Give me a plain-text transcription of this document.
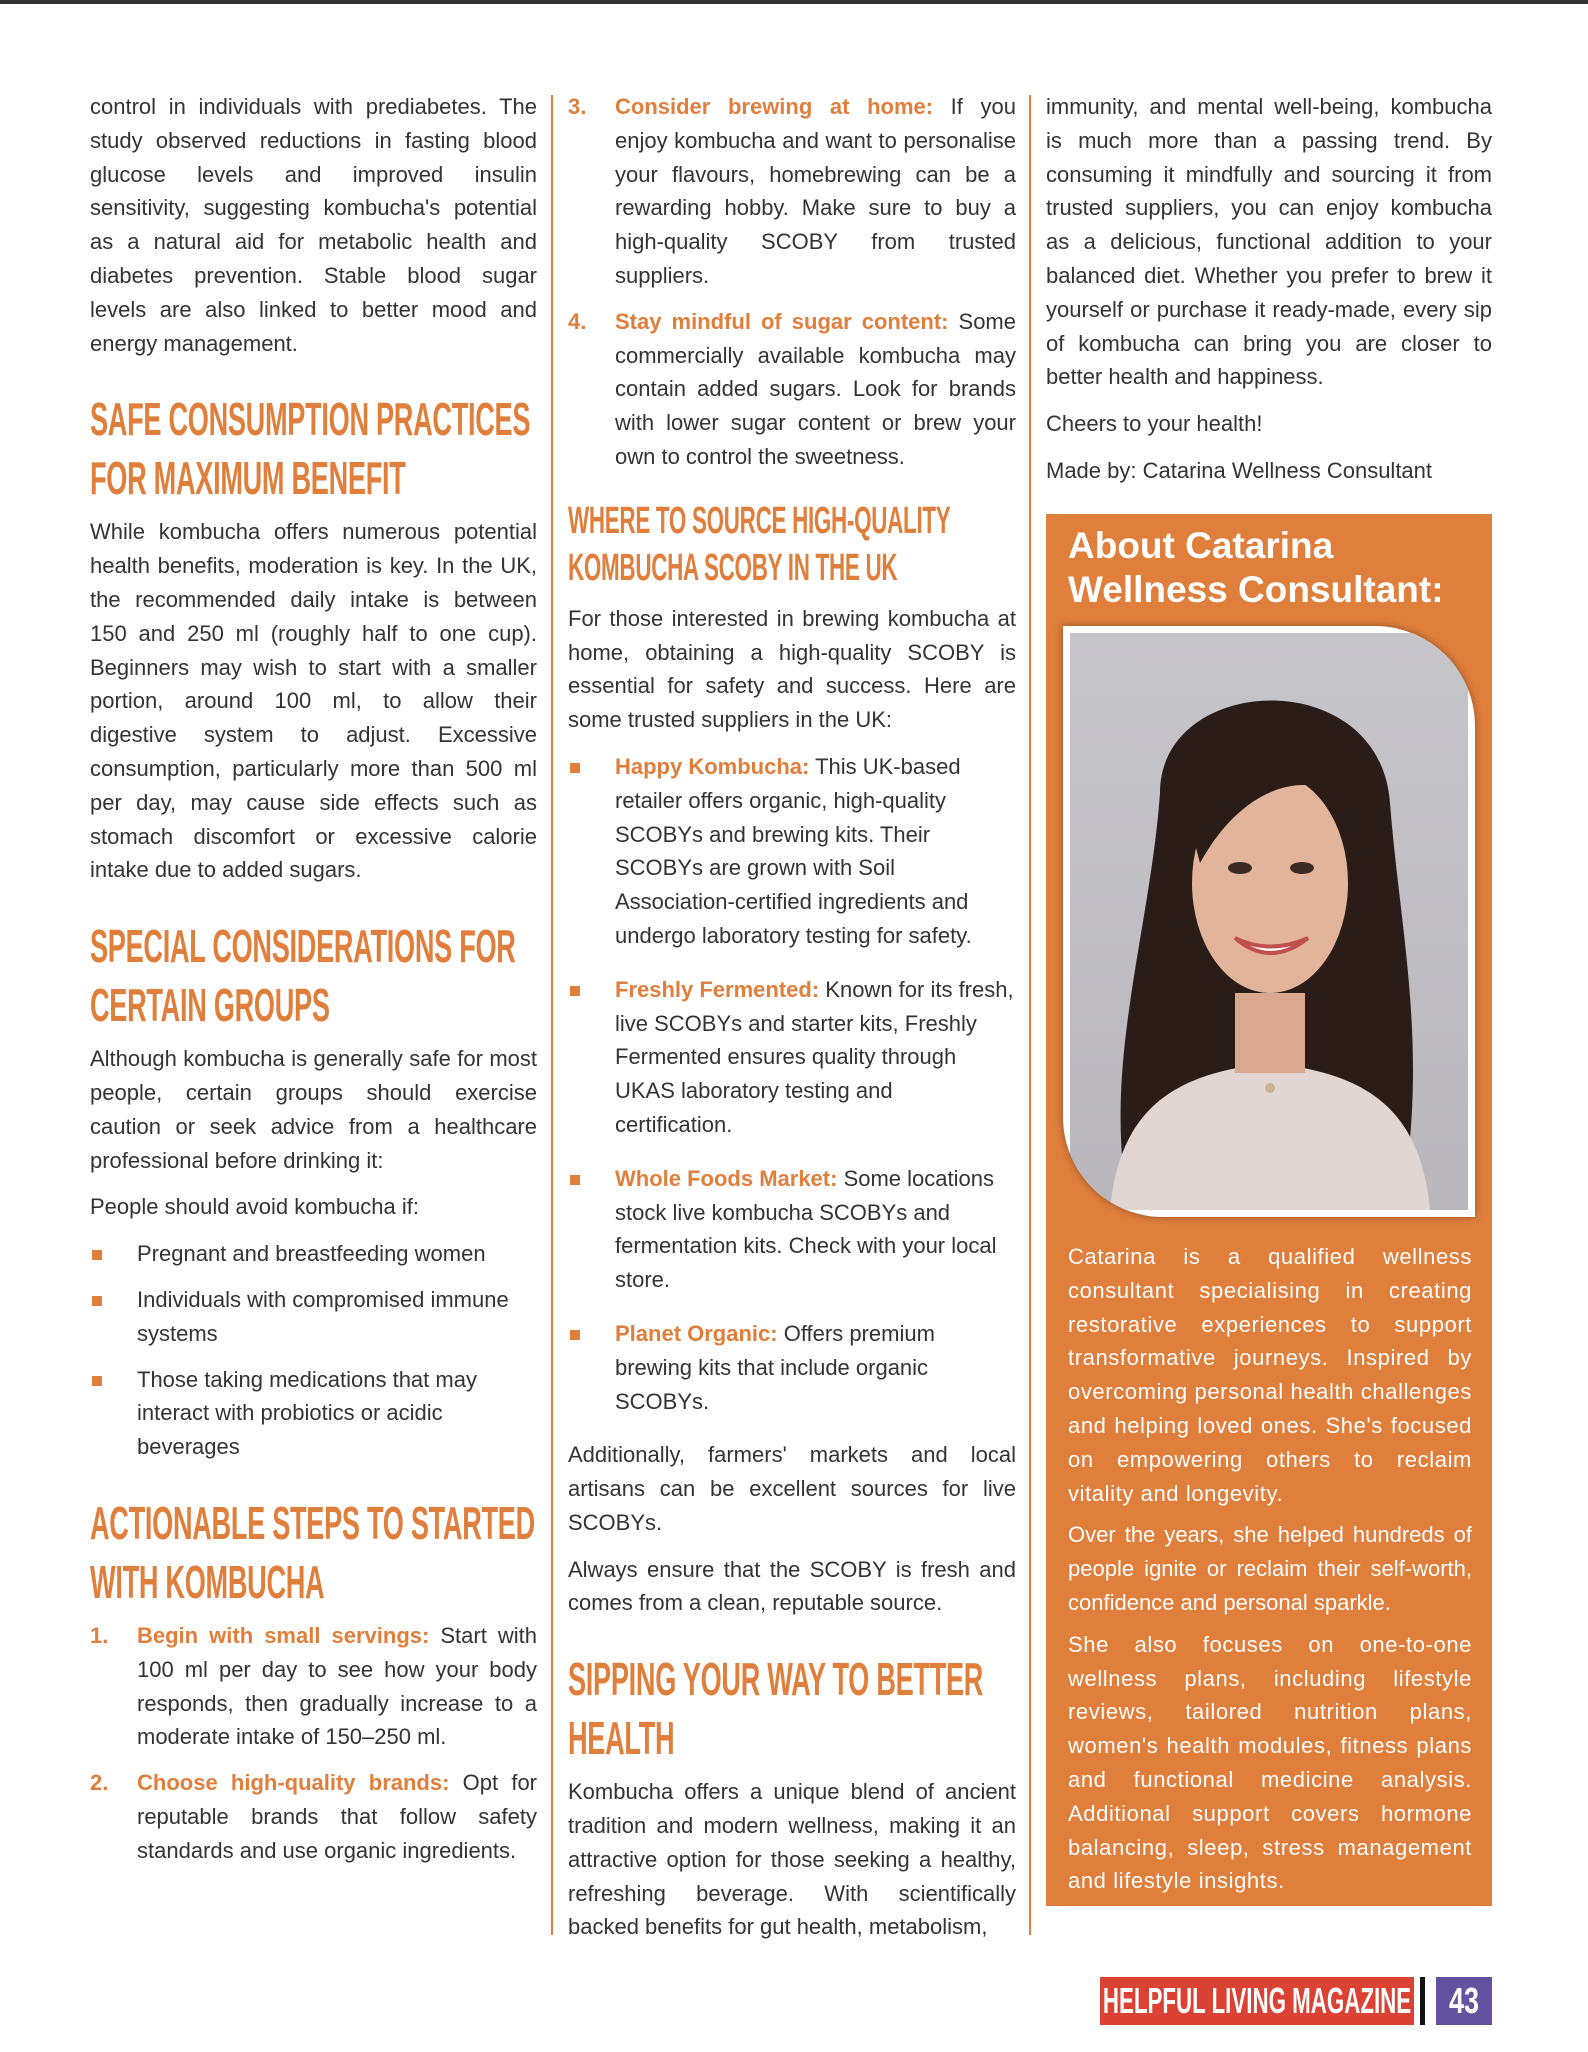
control in individuals with prediabetes. The study observed reductions in fasting blood glucose levels and improved insulin sensitivity, suggesting kombucha's potential as a natural aid for metabolic health and diabetes prevention. Stable blood sugar levels are also linked to better mood and energy management.

SAFE CONSUMPTION PRACTICES FOR MAXIMUM BENEFIT

While kombucha offers numerous potential health benefits, moderation is key. In the UK, the recommended daily intake is between 150 and 250 ml (roughly half to one cup). Beginners may wish to start with a smaller portion, around 100 ml, to allow their digestive system to adjust. Excessive consumption, particularly more than 500 ml per day, may cause side effects such as stomach discomfort or excessive calorie intake due to added sugars.

SPECIAL CONSIDERATIONS FOR CERTAIN GROUPS

Although kombucha is generally safe for most people, certain groups should exercise caution or seek advice from a healthcare professional before drinking it:

People should avoid kombucha if:

Pregnant and breastfeeding women
Individuals with compromised immune systems
Those taking medications that may interact with probiotics or acidic beverages
ACTIONABLE STEPS TO STARTED WITH KOMBUCHA
1. Begin with small servings: Start with 100 ml per day to see how your body responds, then gradually increase to a moderate intake of 150–250 ml.
2. Choose high-quality brands: Opt for reputable brands that follow safety standards and use organic ingredients.
3. Consider brewing at home: If you enjoy kombucha and want to personalise your flavours, homebrewing can be a rewarding hobby. Make sure to buy a high-quality SCOBY from trusted suppliers.
4. Stay mindful of sugar content: Some commercially available kombucha may contain added sugars. Look for brands with lower sugar content or brew your own to control the sweetness.
WHERE TO SOURCE HIGH-QUALITY KOMBUCHA SCOBY IN THE UK

For those interested in brewing kombucha at home, obtaining a high-quality SCOBY is essential for safety and success. Here are some trusted suppliers in the UK:

Happy Kombucha: This UK-based retailer offers organic, high-quality SCOBYs and brewing kits. Their SCOBYs are grown with Soil Association-certified ingredients and undergo laboratory testing for safety.
Freshly Fermented: Known for its fresh, live SCOBYs and starter kits, Freshly Fermented ensures quality through UKAS laboratory testing and certification.
Whole Foods Market: Some locations stock live kombucha SCOBYs and fermentation kits. Check with your local store.
Planet Organic: Offers premium brewing kits that include organic SCOBYs.

Additionally, farmers' markets and local artisans can be excellent sources for live SCOBYs.

Always ensure that the SCOBY is fresh and comes from a clean, reputable source.

SIPPING YOUR WAY TO BETTER HEALTH

Kombucha offers a unique blend of ancient tradition and modern wellness, making it an attractive option for those seeking a healthy, refreshing beverage. With scientifically backed benefits for gut health, metabolism,

immunity, and mental well-being, kombucha is much more than a passing trend. By consuming it mindfully and sourcing it from trusted suppliers, you can enjoy kombucha as a delicious, functional addition to your balanced diet. Whether you prefer to brew it yourself or purchase it ready-made, every sip of kombucha can bring you are closer to better health and happiness.

Cheers to your health!

Made by: Catarina Wellness Consultant

About Catarina Wellness Consultant:

Catarina is a qualified wellness consultant specialising in creating restorative experiences to support transformative journeys. Inspired by overcoming personal health challenges and helping loved ones. She's focused on empowering others to reclaim vitality and longevity.

Over the years, she helped hundreds of people ignite or reclaim their self-worth, confidence and personal sparkle.

She also focuses on one-to-one wellness plans, including lifestyle reviews, tailored nutrition plans, women's health modules, fitness plans and functional medicine analysis. Additional support covers hormone balancing, sleep, stress management and lifestyle insights.

HELPFUL LIVING MAGAZINE 43
